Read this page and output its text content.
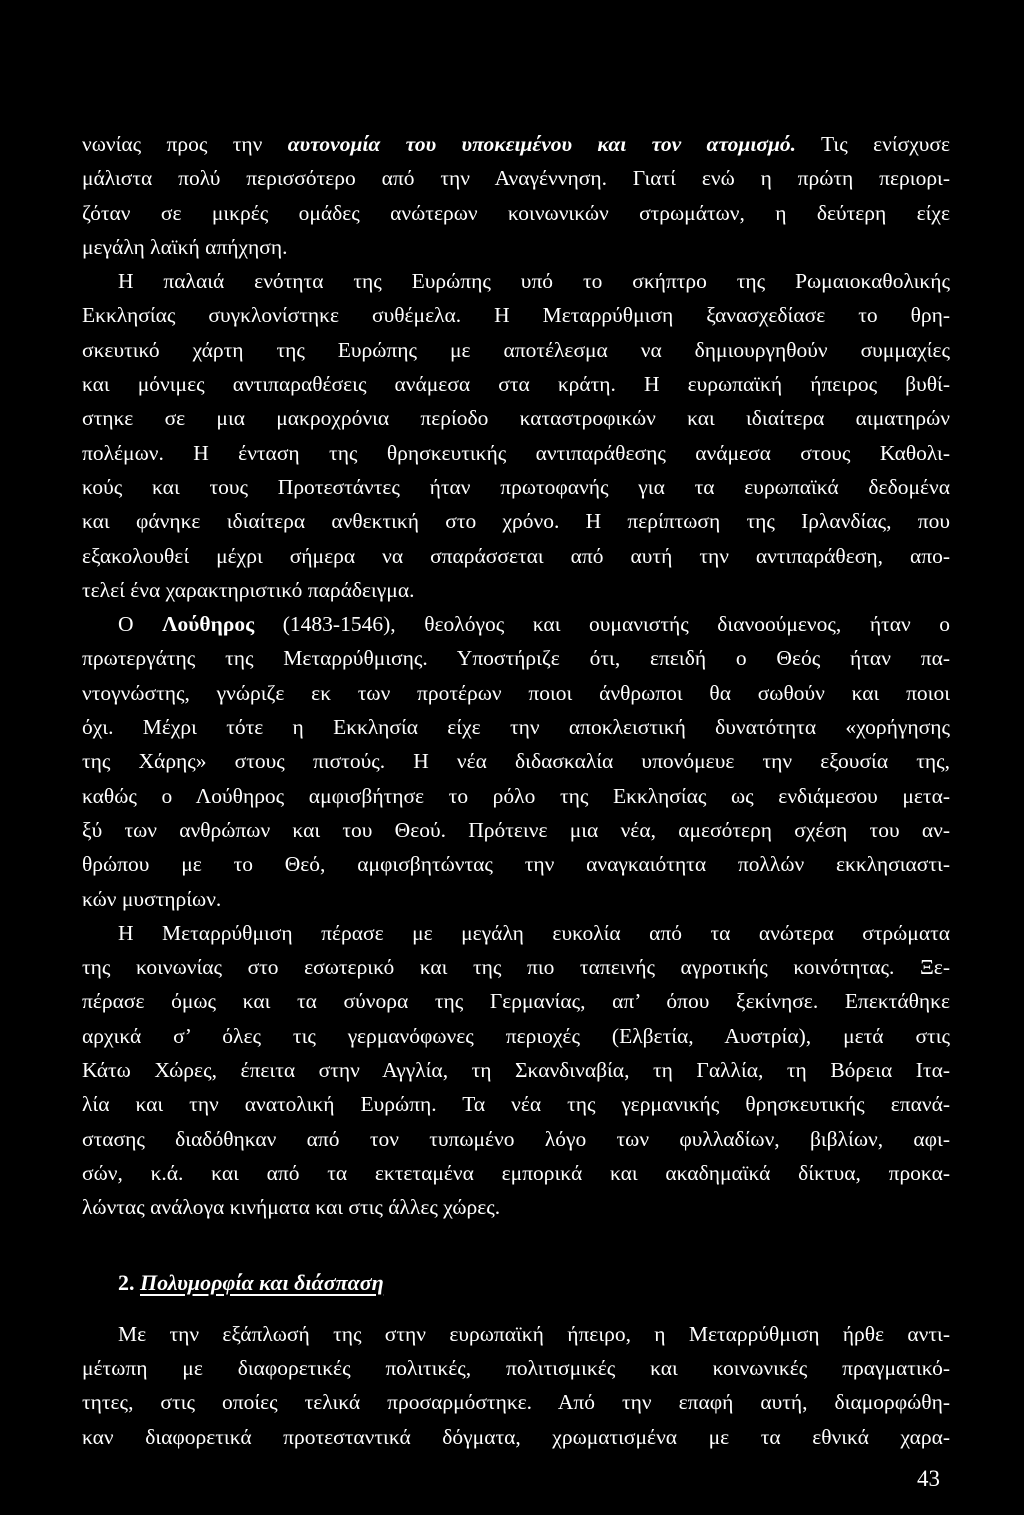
νωνίας προς την αυτονομία του υποκειμένου και τον ατομισμό. Τις ενίσχυσε
μάλιστα πολύ περισσότερο από την Αναγέννηση. Γιατί ενώ η πρώτη περιορι-
ζόταν σε μικρές ομάδες ανώτερων κοινωνικών στρωμάτων, η δεύτερη είχε
μεγάλη λαϊκή απήχηση.
Η παλαιά ενότητα της Ευρώπης υπό το σκήπτρο της Ρωμαιοκαθολικής
Εκκλησίας συγκλονίστηκε συθέμελα. Η Μεταρρύθμιση ξανασχεδίασε το θρη-
σκευτικό χάρτη της Ευρώπης με αποτέλεσμα να δημιουργηθούν συμμαχίες
και μόνιμες αντιπαραθέσεις ανάμεσα στα κράτη. Η ευρωπαϊκή ήπειρος βυθί-
στηκε σε μια μακροχρόνια περίοδο καταστροφικών και ιδιαίτερα αιματηρών
πολέμων. Η ένταση της θρησκευτικής αντιπαράθεσης ανάμεσα στους Καθολι-
κούς και τους Προτεστάντες ήταν πρωτοφανής για τα ευρωπαϊκά δεδομένα
και φάνηκε ιδιαίτερα ανθεκτική στο χρόνο. Η περίπτωση της Ιρλανδίας, που
εξακολουθεί μέχρι σήμερα να σπαράσσεται από αυτή την αντιπαράθεση, απο-
τελεί ένα χαρακτηριστικό παράδειγμα.
Ο Λούθηρος (1483-1546), θεολόγος και ουμανιστής διανοούμενος, ήταν ο
πρωτεργάτης της Μεταρρύθμισης. Υποστήριζε ότι, επειδή ο Θεός ήταν πα-
ντογνώστης, γνώριζε εκ των προτέρων ποιοι άνθρωποι θα σωθούν και ποιοι
όχι. Μέχρι τότε η Εκκλησία είχε την αποκλειστική δυνατότητα «χορήγησης
της Χάρης» στους πιστούς. Η νέα διδασκαλία υπονόμευε την εξουσία της,
καθώς ο Λούθηρος αμφισβήτησε το ρόλο της Εκκλησίας ως ενδιάμεσου μετα-
ξύ των ανθρώπων και του Θεού. Πρότεινε μια νέα, αμεσότερη σχέση του αν-
θρώπου με το Θεό, αμφισβητώντας την αναγκαιότητα πολλών εκκλησιαστι-
κών μυστηρίων.
Η Μεταρρύθμιση πέρασε με μεγάλη ευκολία από τα ανώτερα στρώματα
της κοινωνίας στο εσωτερικό και της πιο ταπεινής αγροτικής κοινότητας. Ξε-
πέρασε όμως και τα σύνορα της Γερμανίας, απ’ όπου ξεκίνησε. Επεκτάθηκε
αρχικά σ’ όλες τις γερμανόφωνες περιοχές (Ελβετία, Αυστρία), μετά στις
Κάτω Χώρες, έπειτα στην Αγγλία, τη Σκανδιναβία, τη Γαλλία, τη Βόρεια Ιτα-
λία και την ανατολική Ευρώπη. Τα νέα της γερμανικής θρησκευτικής επανά-
στασης διαδόθηκαν από τον τυπωμένο λόγο των φυλλαδίων, βιβλίων, αφι-
σών, κ.ά. και από τα εκτεταμένα εμπορικά και ακαδημαϊκά δίκτυα, προκα-
λώντας ανάλογα κινήματα και στις άλλες χώρες.
2. Πολυμορφία και διάσπαση
Με την εξάπλωσή της στην ευρωπαϊκή ήπειρο, η Μεταρρύθμιση ήρθε αντι-
μέτωπη με διαφορετικές πολιτικές, πολιτισμικές και κοινωνικές πραγματικό-
τητες, στις οποίες τελικά προσαρμόστηκε. Από την επαφή αυτή, διαμορφώθη-
καν διαφορετικά προτεσταντικά δόγματα, χρωματισμένα με τα εθνικά χαρα-
43
